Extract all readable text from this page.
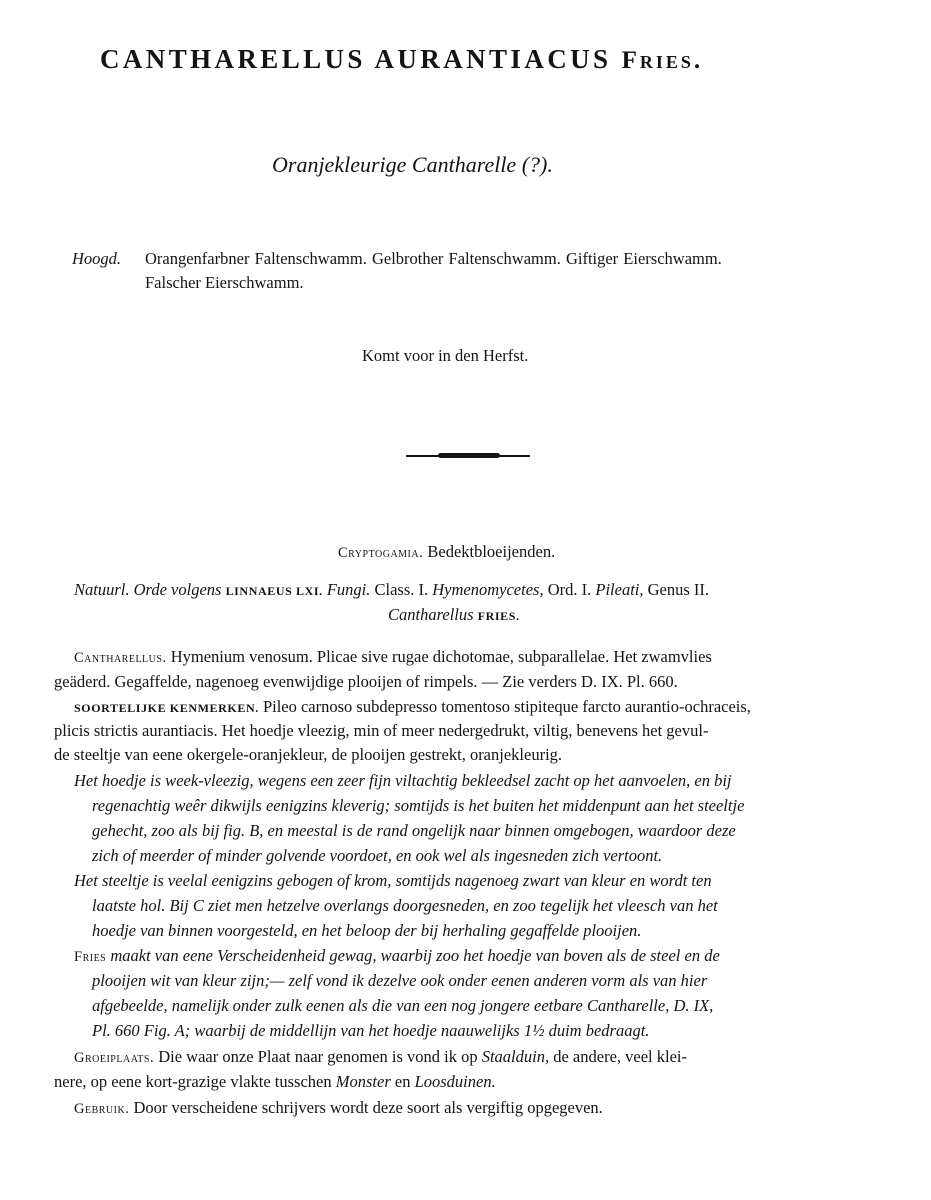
CANTHARELLUS AURANTIACUS Fries.
Oranjekleurige Cantharelle (?).
Hoogd. Orangenfarbner Faltenschwamm. Gelbrother Faltenschwamm. Giftiger Eierschwamm.
Falscher Eierschwamm.
Komt voor in den Herfst.
Cryptogamia. Bedektbloeijenden.
Natuurl. Orde volgens LINNAEUS LXI. Fungi. Class. I. Hymenomycetes, Ord. I. Pileati, Genus II.
Cantharellus FRIES.
Cantharellus. Hymenium venosum. Plicae sive rugae dichotomae, subparallelae. Het zwamvlies
geäderd. Gegaffelde, nagenoeg evenwijdige plooijen of rimpels. — Zie verders D. IX. Pl. 660.
SOORTELIJKE KENMERKEN. Pileo carnoso subdepresso tomentoso stipiteque farcto aurantio-ochraceis,
plicis strictis aurantiacis. Het hoedje vleezig, min of meer nedergedrukt, viltig, benevens het gevul-
de steeltje van eene okergele-oranjekleur, de plooijen gestrekt, oranjekleurig.
Het hoedje is week-vleezig, wegens een zeer fijn viltachtig bekleedsel zacht op het aanvoelen, en bij
regenachtig weêr dikwijls eenigzins kleverig; somtijds is het buiten het middenpunt aan het steeltje
gehecht, zoo als bij fig. B, en meestal is de rand ongelijk naar binnen omgebogen, waardoor deze
zich of meerder of minder golvende voordoet, en ook wel als ingesneden zich vertoont.
Het steeltje is veelal eenigzins gebogen of krom, somtijds nagenoeg zwart van kleur en wordt ten
laatste hol. Bij C ziet men hetzelve overlangs doorgesneden, en zoo tegelijk het vleesch van het
hoedje van binnen voorgesteld, en het beloop der bij herhaling gegaffelde plooijen.
Fries maakt van eene Verscheidenheid gewag, waarbij zoo het hoedje van boven als de steel en de
plooijen wit van kleur zijn;— zelf vond ik dezelve ook onder eenen anderen vorm als van hier
afgebeelde, namelijk onder zulk eenen als die van een nog jongere eetbare Cantharelle, D. IX,
Pl. 660 Fig. A; waarbij de middellijn van het hoedje naauwelijks 1½ duim bedraagt.
Groeiplaats. Die waar onze Plaat naar genomen is vond ik op Staalduin, de andere, veel klei-
nere, op eene kort-grazige vlakte tusschen Monster en Loosduinen.
Gebruik. Door verscheidene schrijvers wordt deze soort als vergiftig opgegeven.
